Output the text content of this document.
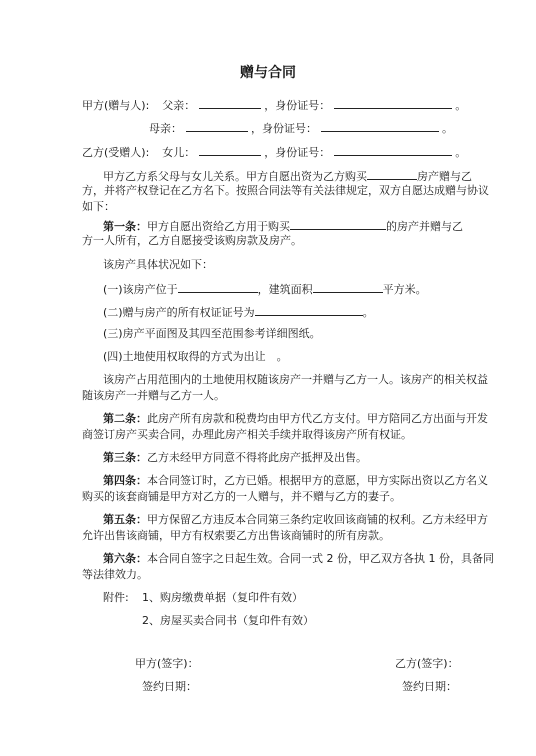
赠与合同
甲方(赠与人): 父亲：	，身份证号：	。
母亲：	，身份证号：	。
乙方(受赠人): 女儿：	，身份证号：	。
甲方乙方系父母与女儿关系。甲方自愿出资为乙方购买	房产赠与乙
方，并将产权登记在乙方名下。按照合同法等有关法律规定，双方自愿达成赠与协议
如下：
第一条：甲方自愿出资给乙方用于购买	的房产并赠与乙
方一人所有，乙方自愿接受该购房款及房产。
该房产具体状况如下：
(一)该房产位于	，建筑面积	平方米。
(二)赠与房产的所有权证证号为	。
(三)房产平面图及其四至范围参考详细图纸。
(四)土地使用权取得的方式为出让　。
该房产占用范围内的土地使用权随该房产一并赠与乙方一人。该房产的相关权益
随该房产一并赠与乙方一人。
第二条：此房产所有房款和税费均由甲方代乙方支付。甲方陪同乙方出面与开发
商签订房产买卖合同，办理此房产相关手续并取得该房产所有权证。
第三条：乙方未经甲方同意不得将此房产抵押及出售。
第四条：本合同签订时，乙方已婚。根据甲方的意愿，甲方实际出资以乙方名义
购买的该套商铺是甲方对乙方的一人赠与，并不赠与乙方的妻子。
第五条：甲方保留乙方违反本合同第三条约定收回该商铺的权利。乙方未经甲方
允许出售该商铺，甲方有权索要乙方出售该商铺时的所有房款。
第六条：本合同自签字之日起生效。合同一式 2 份，甲乙双方各执 1 份，具备同
等法律效力。
附件: 1、购房缴费单据（复印件有效）
2、房屋买卖合同书（复印件有效）
甲方(签字)：	乙方(签字)：
签约日期：	签约日期：
